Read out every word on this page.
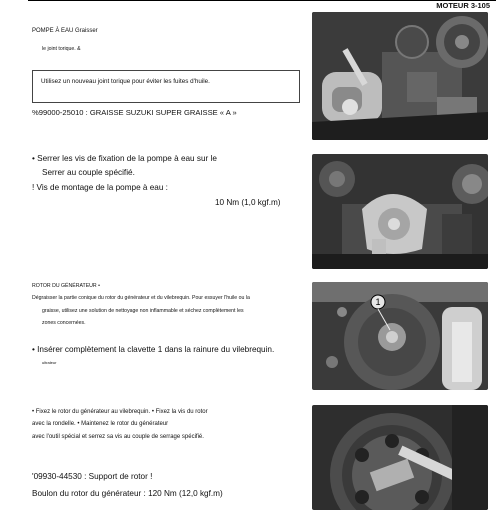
MOTEUR 3-105
POMPE À EAU Graisser
le joint torique. &
Utilisez un nouveau joint torique pour éviter les fuites d'huile.
%99000-25010 : GRAISSE SUZUKI SUPER GRAISSE « A »
• Serrer les vis de fixation de la pompe à eau sur le
Serrer au couple spécifié.
! Vis de montage de la pompe à eau :
10 Nm (1,0 kgf.m)
ROTOR DU GÉNÉRATEUR •
Dégraisser la partie conique du rotor du générateur et du vilebrequin. Pour essuyer l'huile ou la
graisse, utilisez une solution de nettoyage non inflammable et séchez complètement les
zones concernées.
• Insérer complètement la clavette 1 dans la rainure du vilebrequin.
ultraleur
• Fixez le rotor du générateur au vilebrequin. • Fixez la vis du rotor
avec la rondelle. • Maintenez le rotor du générateur
avec l'outil spécial et serrez sa vis au couple de serrage spécifié.
'09930-44530 : Support de rotor !
Boulon du rotor du générateur : 120 Nm (12,0 kgf.m)
1
